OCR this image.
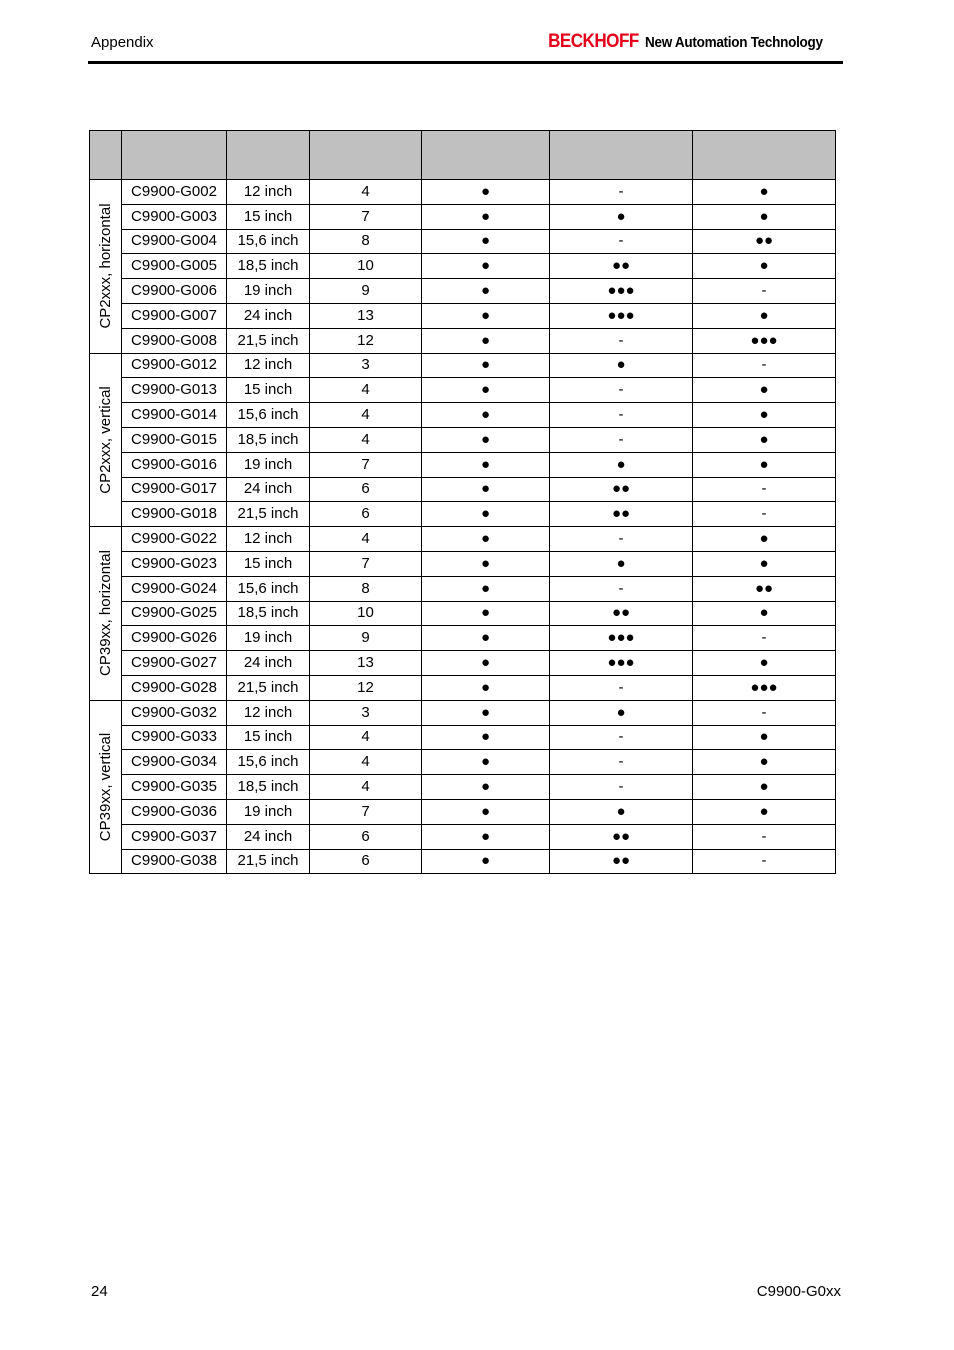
Appendix	BECKHOFF New Automation Technology

CP2xxx, horizontal	C9900-G002	12 inch	4	●	-	●
	C9900-G003	15 inch	7	●	●	●
	C9900-G004	15,6 inch	8	●	-	●●
	C9900-G005	18,5 inch	10	●	●●	●
	C9900-G006	19 inch	9	●	●●●	-
	C9900-G007	24 inch	13	●	●●●	●
	C9900-G008	21,5 inch	12	●	-	●●●

CP2xxx, vertical	C9900-G012	12 inch	3	●	●	-
	C9900-G013	15 inch	4	●	-	●
	C9900-G014	15,6 inch	4	●	-	●
	C9900-G015	18,5 inch	4	●	-	●
	C9900-G016	19 inch	7	●	●	●
	C9900-G017	24 inch	6	●	●●	-
	C9900-G018	21,5 inch	6	●	●●	-

CP39xx, horizontal	C9900-G022	12 inch	4	●	-	●
	C9900-G023	15 inch	7	●	●	●
	C9900-G024	15,6 inch	8	●	-	●●
	C9900-G025	18,5 inch	10	●	●●	●
	C9900-G026	19 inch	9	●	●●●	-
	C9900-G027	24 inch	13	●	●●●	●
	C9900-G028	21,5 inch	12	●	-	●●●

CP39xx, vertical	C9900-G032	12 inch	3	●	●	-
	C9900-G033	15 inch	4	●	-	●
	C9900-G034	15,6 inch	4	●	-	●
	C9900-G035	18,5 inch	4	●	-	●
	C9900-G036	19 inch	7	●	●	●
	C9900-G037	24 inch	6	●	●●	-
	C9900-G038	21,5 inch	6	●	●●	-
24	C9900-G0xx
